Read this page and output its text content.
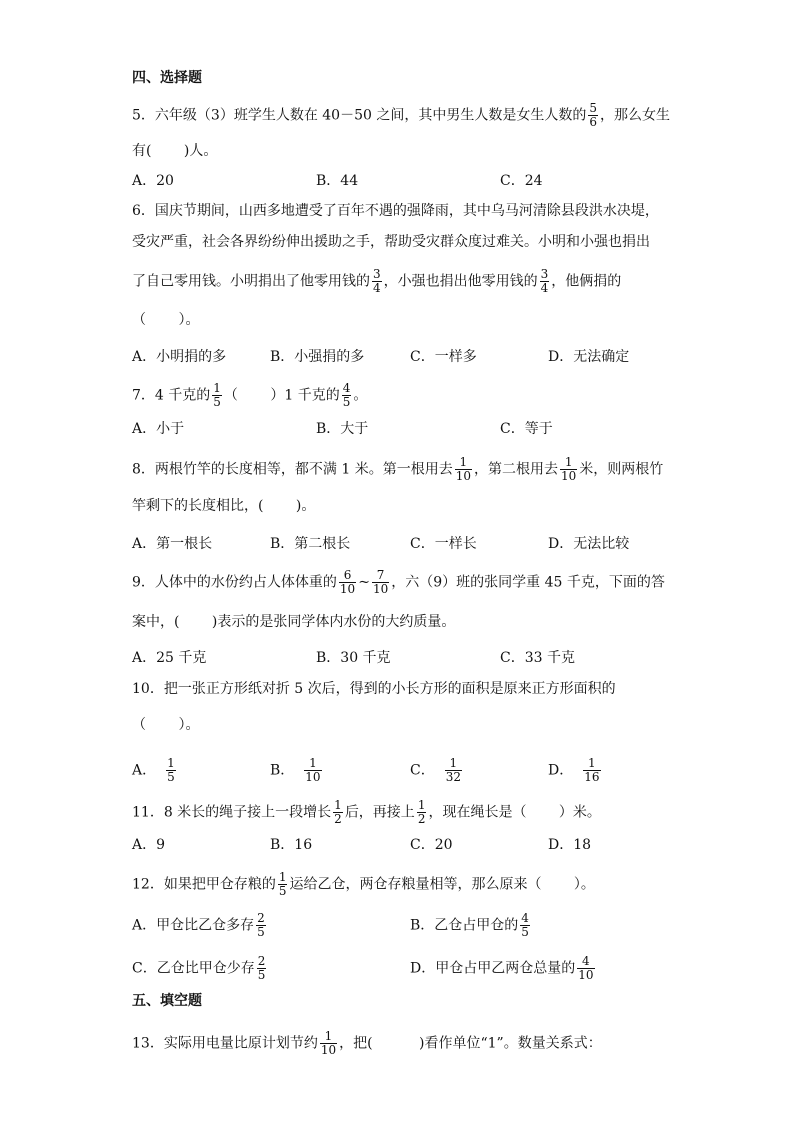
四、选择题
5．六年级（3）班学生人数在 40－50 之间，其中男生人数是女生人数的 $\frac{5}{6}$ ，那么女生
有(　　 )人。
A．20	B．44	C．24
6．国庆节期间，山西多地遭受了百年不遇的强降雨，其中乌马河清除县段洪水决堤，
受灾严重，社会各界纷纷伸出援助之手，帮助受灾群众度过难关。小明和小强也捐出
了自己零用钱。小明捐出了他零用钱的 $\frac{3}{4}$ ，小强也捐出他零用钱的 $\frac{3}{4}$ ，他俩捐的
（　　 ）。
A．小明捐的多	B．小强捐的多	C．一样多	D．无法确定
7．4 千克的 $\frac{1}{5}$ （　　 ）1 千克的 $\frac{4}{5}$ 。
A．小于	B．大于	C．等于
8．两根竹竿的长度相等，都不满 1 米。第一根用去 $\frac{1}{10}$ ，第二根用去 $\frac{1}{10}$ 米，则两根竹
竿剩下的长度相比，(　　 )。
A．第一根长	B．第二根长	C．一样长	D．无法比较
9．人体中的水份约占人体体重的 $\frac{6}{10}$ ~ $\frac{7}{10}$ ，六（9）班的张同学重 45 千克，下面的答
案中，(　　 )表示的是张同学体内水份的大约质量。
A．25 千克	B．30 千克	C．33 千克
10．把一张正方形纸对折 5 次后，得到的小长方形的面积是原来正方形面积的
（　　 ）。
A． $\frac{1}{5}$	B． $\frac{1}{10}$	C． $\frac{1}{32}$	D． $\frac{1}{16}$
11．8 米长的绳子接上一段增长 $\frac{1}{2}$ 后，再接上 $\frac{1}{2}$ ，现在绳长是（　　 ）米。
A．9	B．16	C．20	D．18
12．如果把甲仓存粮的 $\frac{1}{5}$ 运给乙仓，两仓存粮量相等，那么原来（　　 ）。
A．甲仓比乙仓多存 $\frac{2}{5}$	B．乙仓占甲仓的 $\frac{4}{5}$
C．乙仓比甲仓少存 $\frac{2}{5}$	D．甲仓占甲乙两仓总量的 $\frac{4}{10}$
五、填空题
13．实际用电量比原计划节约 $\frac{1}{10}$ ，把(　　　 )看作单位“1”。数量关系式：
